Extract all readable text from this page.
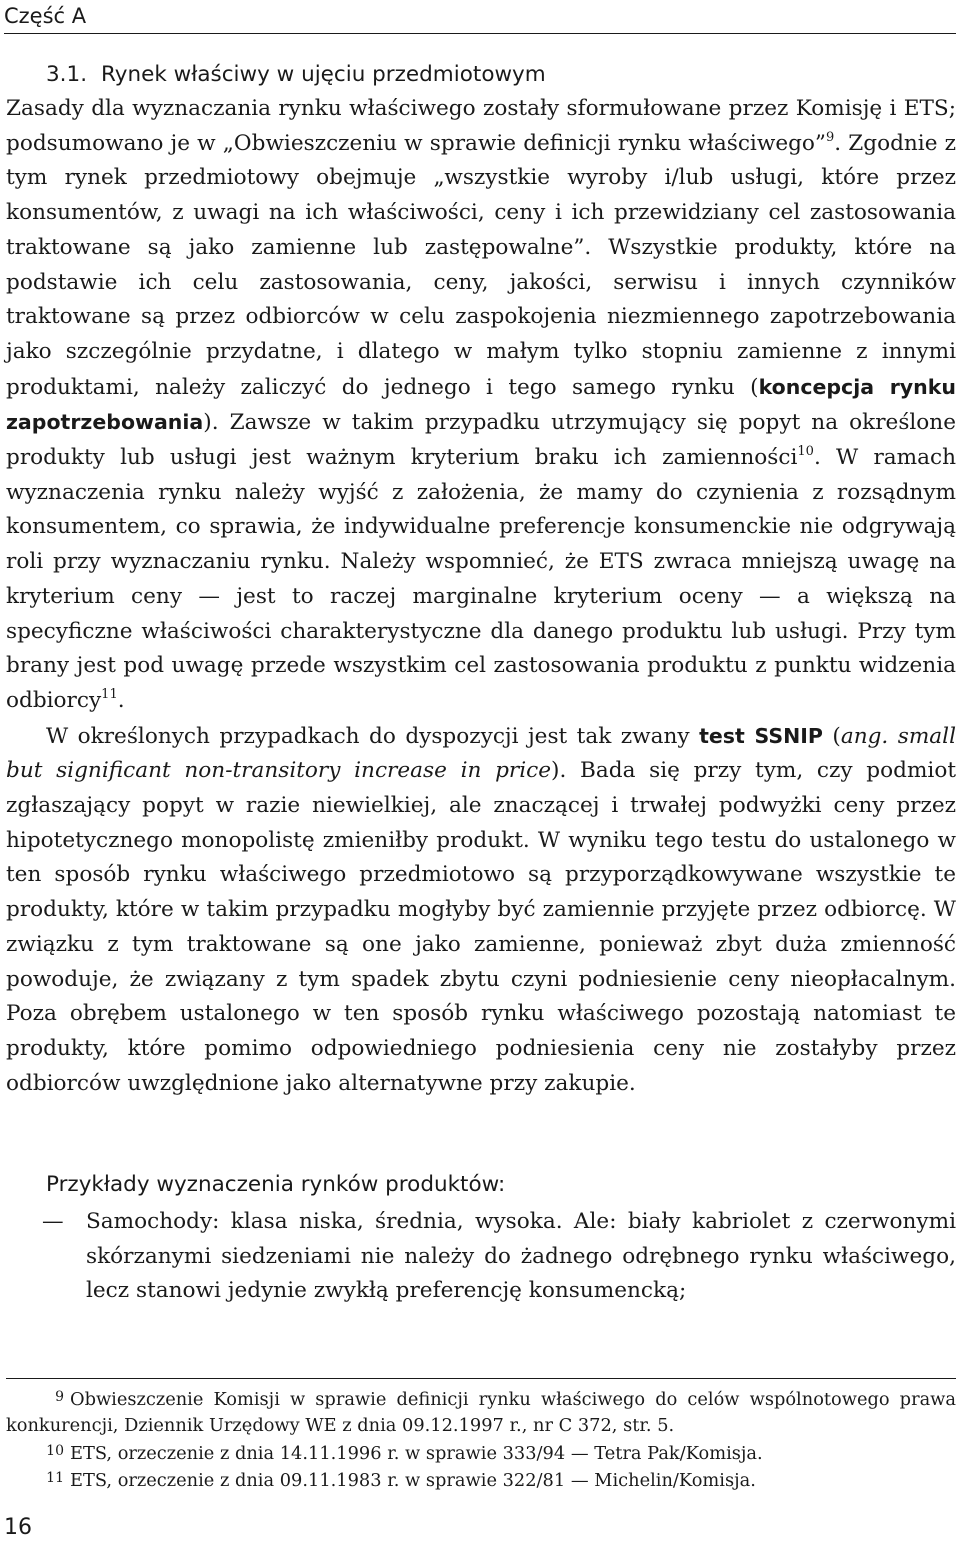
Część A
3.1. Rynek właściwy w ujęciu przedmiotowym

Zasady dla wyznaczania rynku właściwego zostały sformułowane przez Komisję i ETS; podsumowano je w „Obwieszczeniu w sprawie definicji rynku właściwego”$^9$. Zgodnie z tym rynek przedmiotowy obejmuje „wszystkie wyroby i/lub usługi, które przez konsumentów, z uwagi na ich właściwości, ceny i ich przewidziany cel zastosowania traktowane są jako zamienne lub zastępowalne”. Wszystkie produkty, które na podstawie ich celu zastosowania, ceny, jakości, serwisu i innych czynników traktowane są przez odbiorców w celu zaspokojenia niezmiennego zapotrzebowania jako szczególnie przydatne, i dlatego w małym tylko stopniu zamienne z innymi produktami, należy zaliczyć do jednego i tego samego rynku (koncepcja rynku zapotrzebowania). Zawsze w takim przypadku utrzymujący się popyt na określone produkty lub usługi jest ważnym kryterium braku ich zamienności$^{10}$. W ramach wyznaczenia rynku należy wyjść z założenia, że mamy do czynienia z rozsądnym konsumentem, co sprawia, że indywidualne preferencje konsumenckie nie odgrywają roli przy wyznaczaniu rynku. Należy wspomnieć, że ETS zwraca mniejszą uwagę na kryterium ceny — jest to raczej marginalne kryterium oceny — a większą na specyficzne właściwości charakterystyczne dla danego produktu lub usługi. Przy tym brany jest pod uwagę przede wszystkim cel zastosowania produktu z punktu widzenia odbiorcy$^{11}$.

W określonych przypadkach do dyspozycji jest tak zwany test SSNIP (ang. small but significant non-transitory increase in price). Bada się przy tym, czy podmiot zgłaszający popyt w razie niewielkiej, ale znaczącej i trwałej podwyżki ceny przez hipotetycznego monopolistę zmieniłby produkt. W wyniku tego testu do ustalonego w ten sposób rynku właściwego przedmiotowo są przyporządkowywane wszystkie te produkty, które w takim przypadku mogłyby być zamiennie przyjęte przez odbiorcę. W związku z tym traktowane są one jako zamienne, ponieważ zbyt duża zmienność powoduje, że związany z tym spadek zbytu czyni podniesienie ceny nieopłacalnym. Poza obrębem ustalonego w ten sposób rynku właściwego pozostają natomiast te produkty, które pomimo odpowiedniego podniesienia ceny nie zostałyby przez odbiorców uwzględnione jako alternatywne przy zakupie.

Przykłady wyznaczenia rynków produktów:
— Samochody: klasa niska, średnia, wysoka. Ale: biały kabriolet z czerwonymi skórzanymi siedzeniami nie należy do żadnego odrębnego rynku właściwego, lecz stanowi jedynie zwykłą preferencję konsumencką;

9 Obwieszczenie Komisji w sprawie definicji rynku właściwego do celów wspólnotowego prawa konkurencji, Dziennik Urzędowy WE z dnia 09.12.1997 r., nr C 372, str. 5.

10 ETS, orzeczenie z dnia 14.11.1996 r. w sprawie 333/94 — Tetra Pak/Komisja.

11 ETS, orzeczenie z dnia 09.11.1983 r. w sprawie 322/81 — Michelin/Komisja.

16
